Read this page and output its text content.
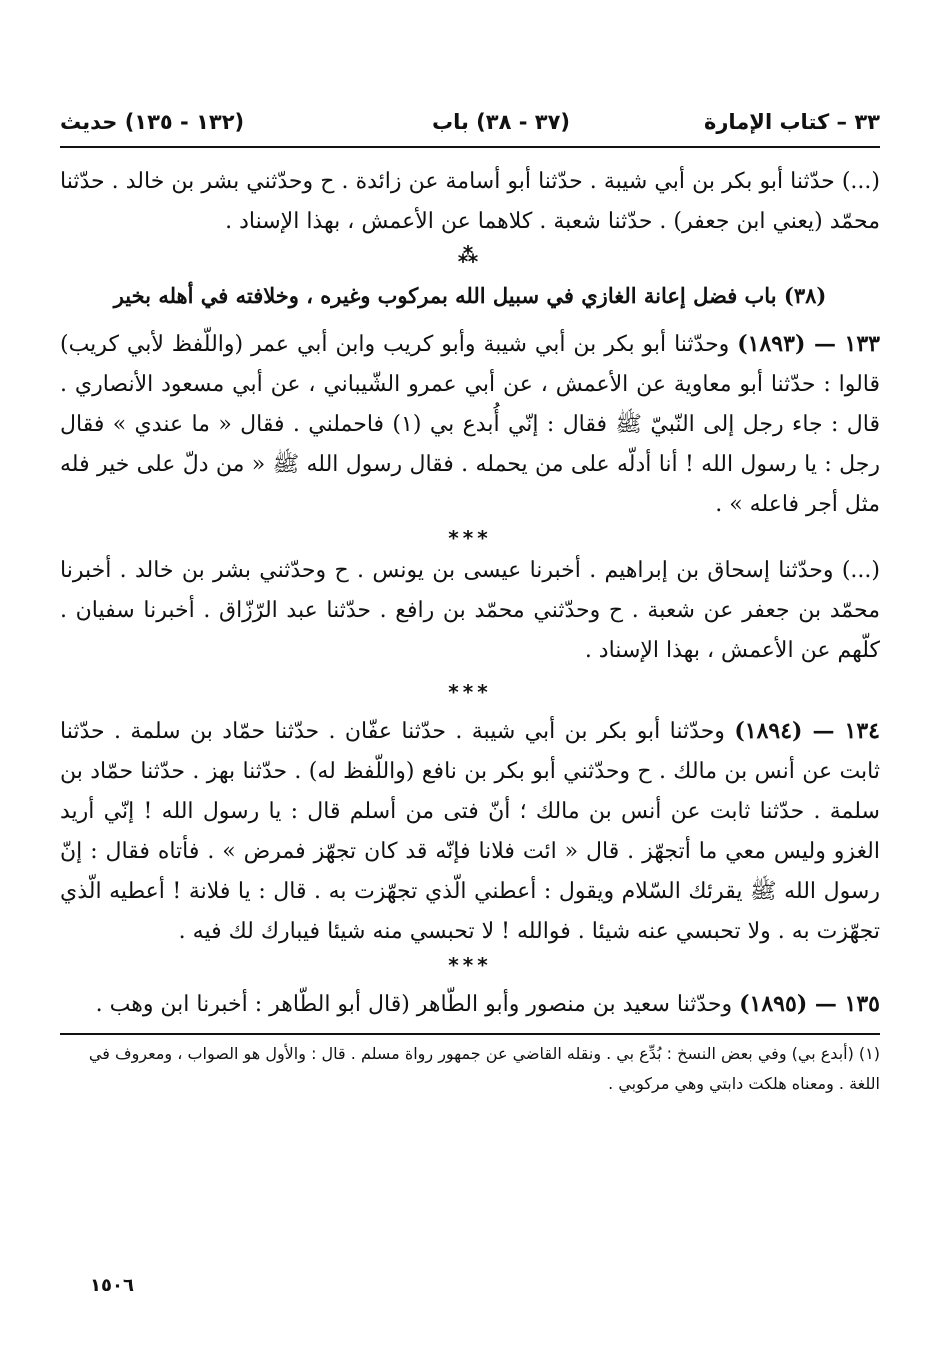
٣٣ – كتاب الإمارة
(٣٧ - ٣٨) باب
(١٣٢ - ١٣٥) حديث

(...) حدّثنا أبو بكر بن أبي شيبة . حدّثنا أبو أسامة عن زائدة . ح وحدّثني بشر بن خالد . حدّثنا محمّد (يعني ابن جعفر) . حدّثنا شعبة . كلاهما عن الأعمش ، بهذا الإسناد .

⁂
(٣٨) باب فضل إعانة الغازي في سبيل الله بمركوب وغيره ، وخلافته في أهله بخير

١٣٣ — (١٨٩٣) وحدّثنا أبو بكر بن أبي شيبة وأبو كريب وابن أبي عمر (واللّفظ لأبي كريب) قالوا : حدّثنا أبو معاوية عن الأعمش ، عن أبي عمرو الشّيباني ، عن أبي مسعود الأنصاري . قال : جاء رجل إلى النّبيّ ﷺ فقال : إنّي أُبدع بي (١) فاحملني . فقال « ما عندي » فقال رجل : يا رسول الله ! أنا أدلّه على من يحمله . فقال رسول الله ﷺ « من دلّ على خير فله مثل أجر فاعله » .

***

(...) وحدّثنا إسحاق بن إبراهيم . أخبرنا عيسى بن يونس . ح وحدّثني بشر بن خالد . أخبرنا محمّد بن جعفر عن شعبة . ح وحدّثني محمّد بن رافع . حدّثنا عبد الرّزّاق . أخبرنا سفيان . كلّهم عن الأعمش ، بهذا الإسناد .

***

١٣٤ — (١٨٩٤) وحدّثنا أبو بكر بن أبي شيبة . حدّثنا عفّان . حدّثنا حمّاد بن سلمة . حدّثنا ثابت عن أنس بن مالك . ح وحدّثني أبو بكر بن نافع (واللّفظ له) . حدّثنا بهز . حدّثنا حمّاد بن سلمة . حدّثنا ثابت عن أنس بن مالك ؛ أنّ فتى من أسلم قال : يا رسول الله ! إنّي أريد الغزو وليس معي ما أتجهّز . قال « ائت فلانا فإنّه قد كان تجهّز فمرض » . فأتاه فقال : إنّ رسول الله ﷺ يقرئك السّلام ويقول : أعطني الّذي تجهّزت به . قال : يا فلانة ! أعطيه الّذي تجهّزت به . ولا تحبسي عنه شيئا . فوالله ! لا تحبسي منه شيئا فيبارك لك فيه .

***

١٣٥ — (١٨٩٥) وحدّثنا سعيد بن منصور وأبو الطّاهر (قال أبو الطّاهر : أخبرنا ابن وهب .

(١) (أبدع بي) وفي بعض النسخ : بُدِّع بي . ونقله القاضي عن جمهور رواة مسلم . قال : والأول هو الصواب ، ومعروف في اللغة . ومعناه هلكت دابتي وهي مركوبي .

١٥٠٦
